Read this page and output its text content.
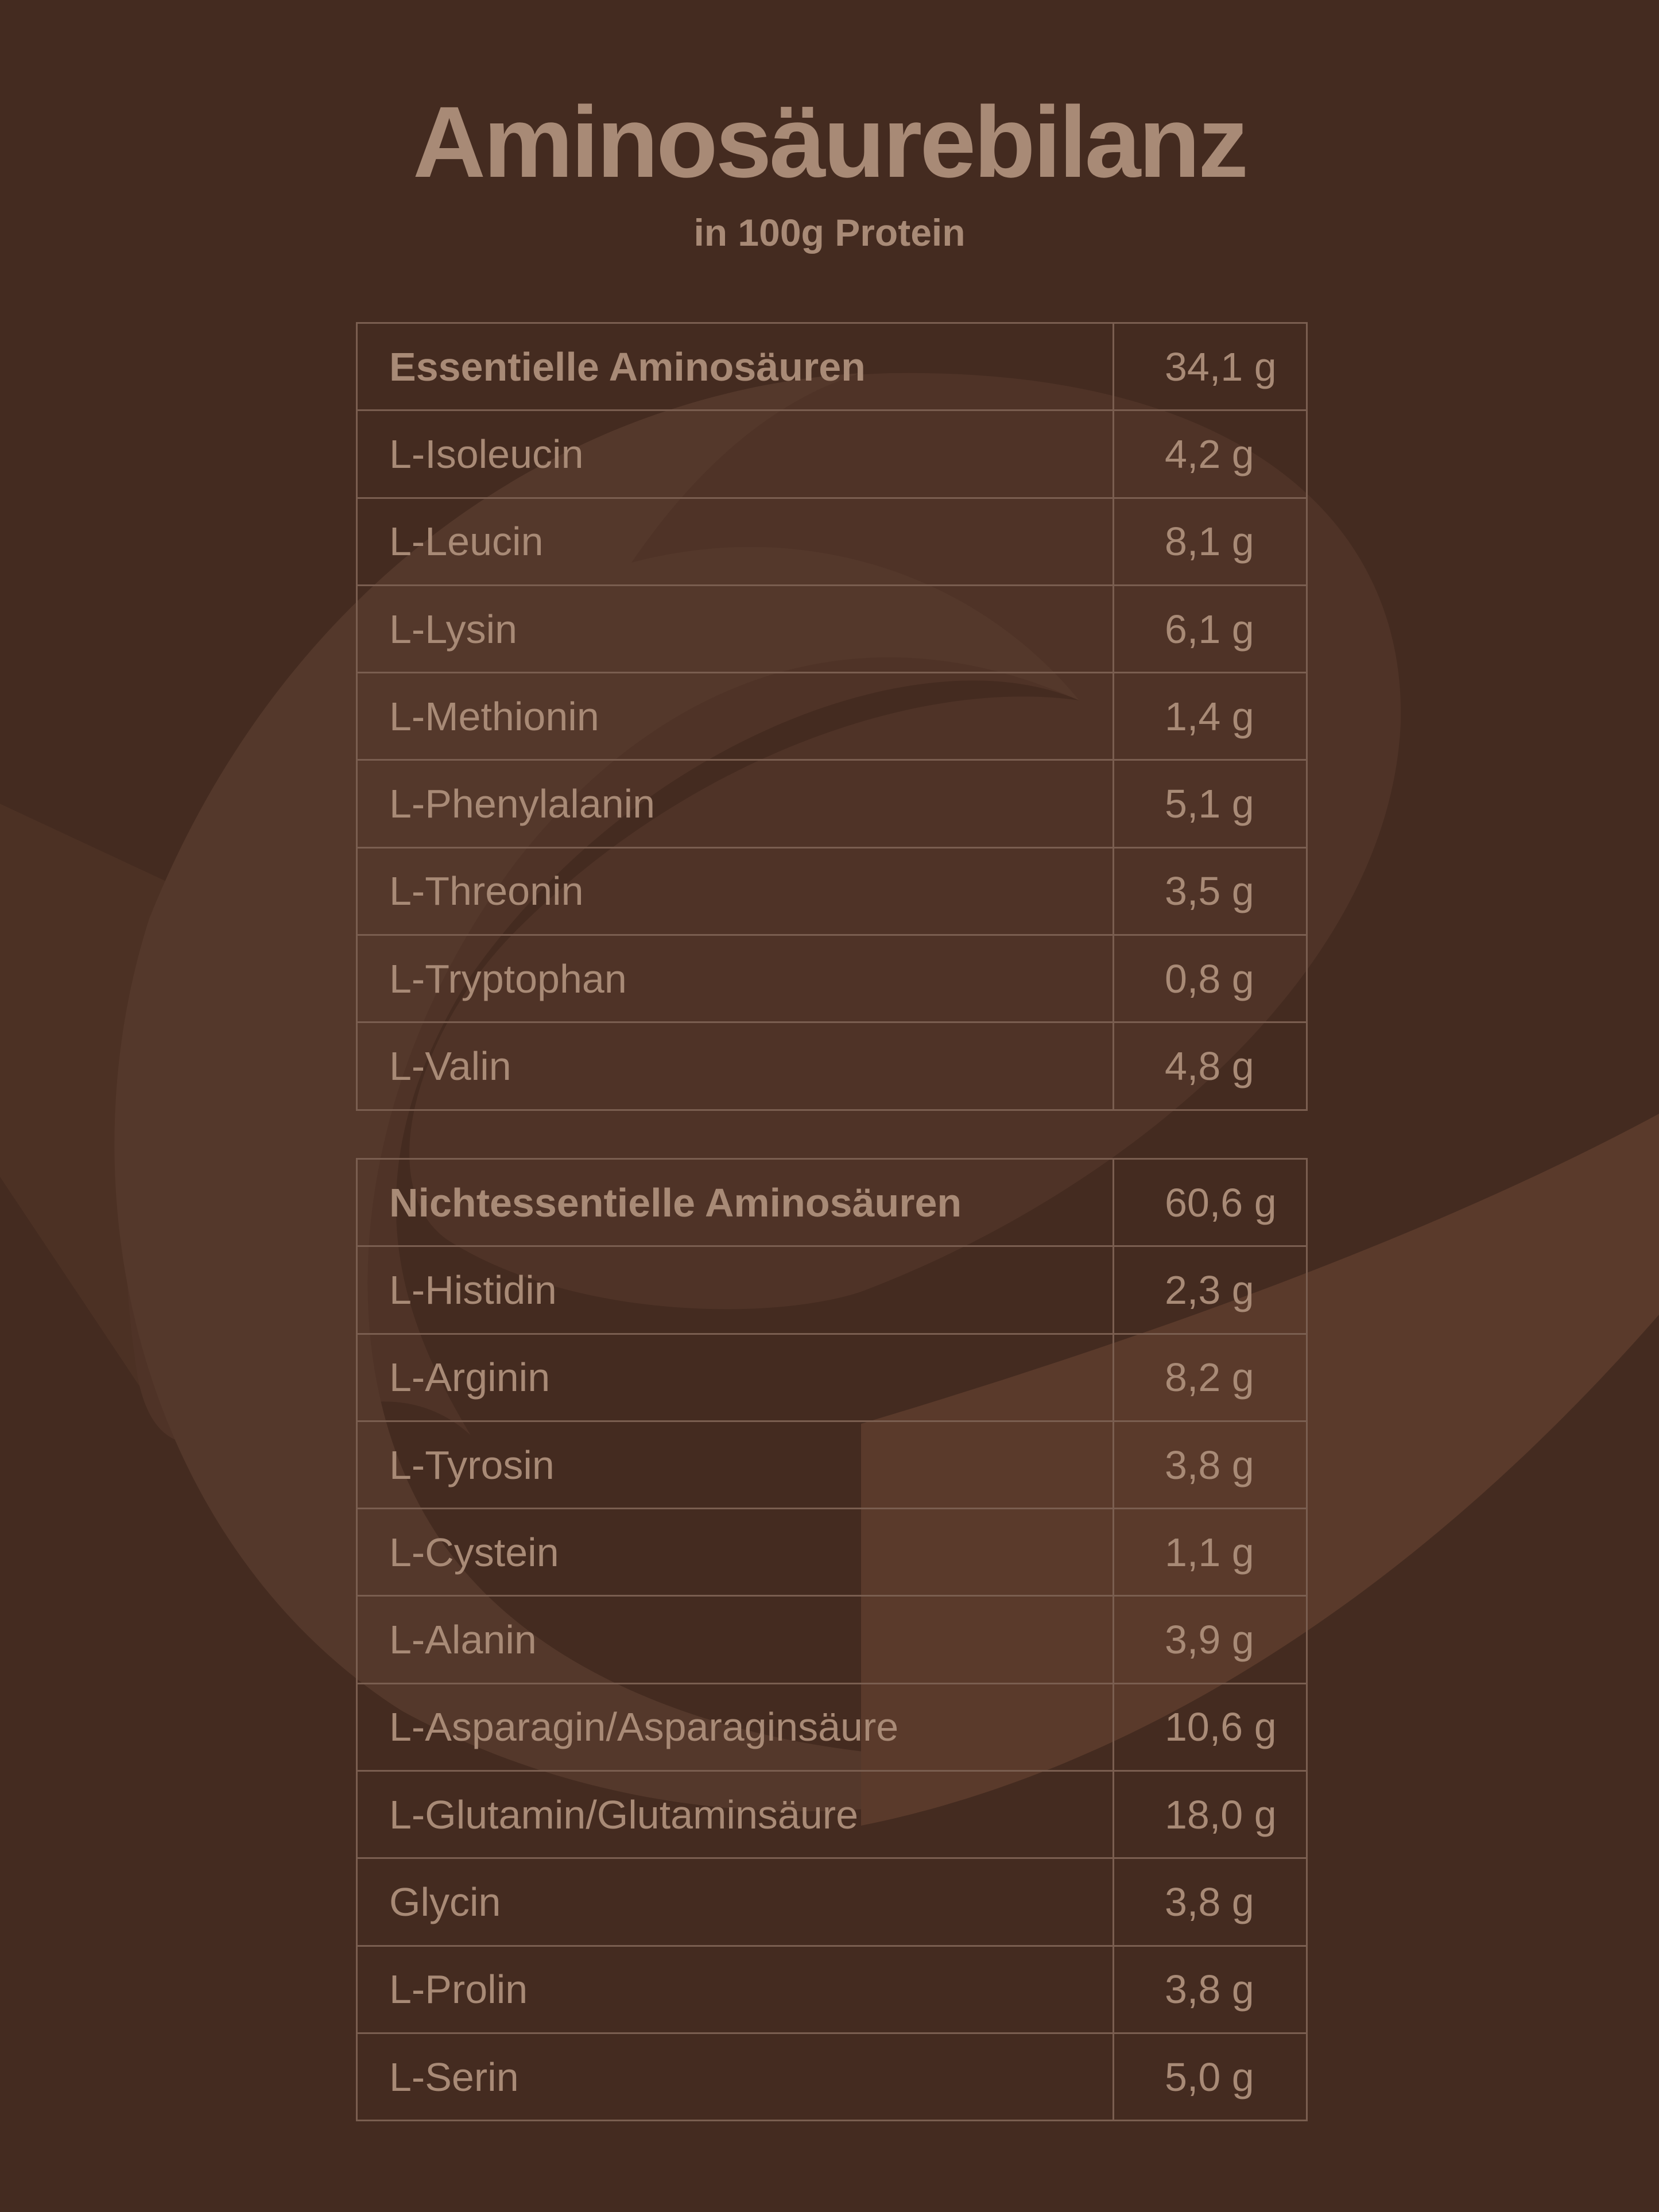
Aminosäurebilanz
in 100g Protein
Essentielle Aminosäuren	34,1 g
L-Isoleucin	4,2 g
L-Leucin	8,1 g
L-Lysin	6,1 g
L-Methionin	1,4 g
L-Phenylalanin	5,1 g
L-Threonin	3,5 g
L-Tryptophan	0,8 g
L-Valin	4,8 g
Nichtessentielle Aminosäuren	60,6 g
L-Histidin	2,3 g
L-Arginin	8,2 g
L-Tyrosin	3,8 g
L-Cystein	1,1 g
L-Alanin	3,9 g
L-Asparagin/Asparaginsäure	10,6 g
L-Glutamin/Glutaminsäure	18,0 g
Glycin	3,8 g
L-Prolin	3,8 g
L-Serin	5,0 g
